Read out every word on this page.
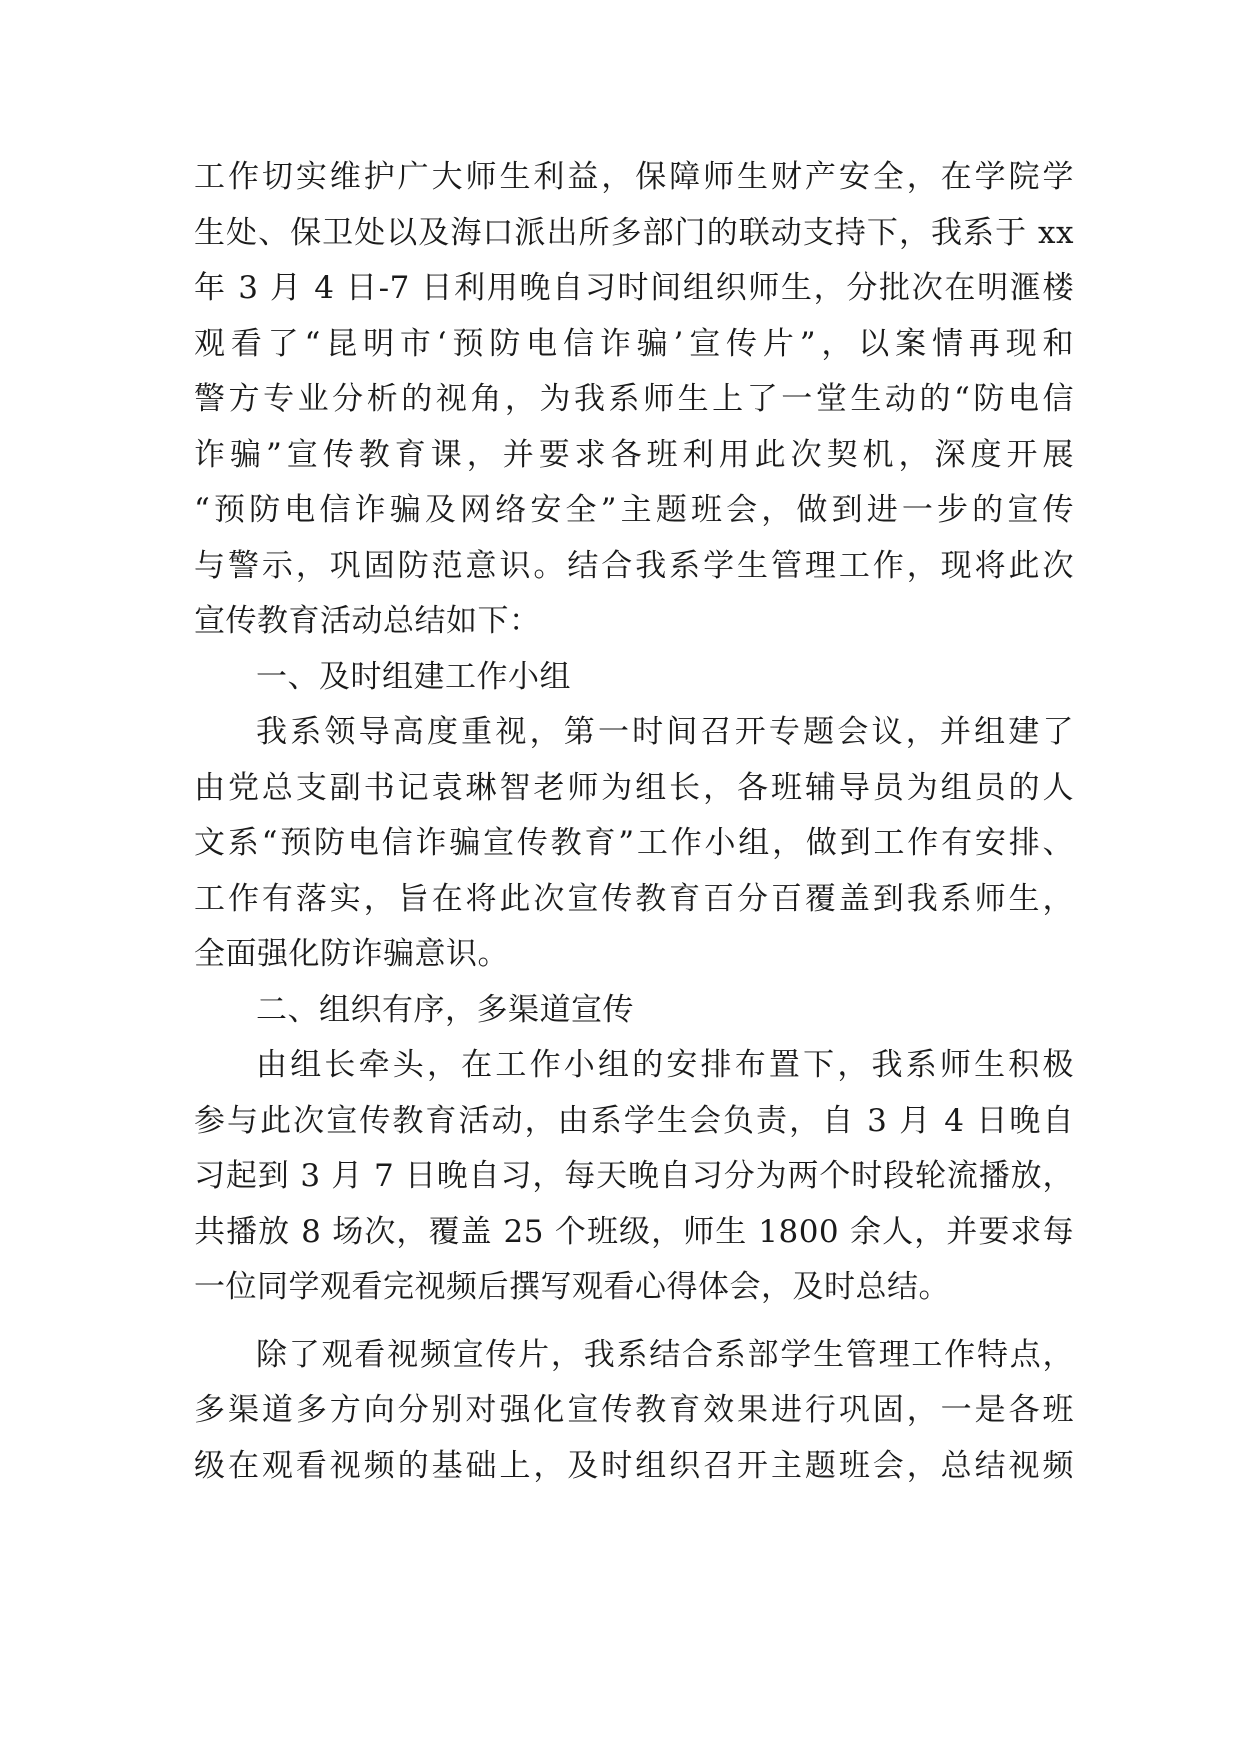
工作切实维护广大师生利益，保障师生财产安全，在学院学
生处、保卫处以及海口派出所多部门的联动支持下，我系于 xx
年 3 月 4 日-7 日利用晚自习时间组织师生，分批次在明滙楼
观看了“昆明市‘预防电信诈骗’宣传片”，以案情再现和
警方专业分析的视角，为我系师生上了一堂生动的“防电信
诈骗”宣传教育课，并要求各班利用此次契机，深度开展
“预防电信诈骗及网络安全”主题班会，做到进一步的宣传
与警示，巩固防范意识。结合我系学生管理工作，现将此次
宣传教育活动总结如下：
一、及时组建工作小组
我系领导高度重视，第一时间召开专题会议，并组建了
由党总支副书记袁琳智老师为组长，各班辅导员为组员的人
文系“预防电信诈骗宣传教育”工作小组，做到工作有安排、
工作有落实，旨在将此次宣传教育百分百覆盖到我系师生，
全面强化防诈骗意识。
二、组织有序，多渠道宣传
由组长牵头，在工作小组的安排布置下，我系师生积极
参与此次宣传教育活动，由系学生会负责，自 3 月 4 日晚自
习起到 3 月 7 日晚自习，每天晚自习分为两个时段轮流播放，
共播放 8 场次，覆盖 25 个班级，师生 1800 余人，并要求每
一位同学观看完视频后撰写观看心得体会，及时总结。
除了观看视频宣传片，我系结合系部学生管理工作特点，
多渠道多方向分别对强化宣传教育效果进行巩固，一是各班
级在观看视频的基础上，及时组织召开主题班会，总结视频
